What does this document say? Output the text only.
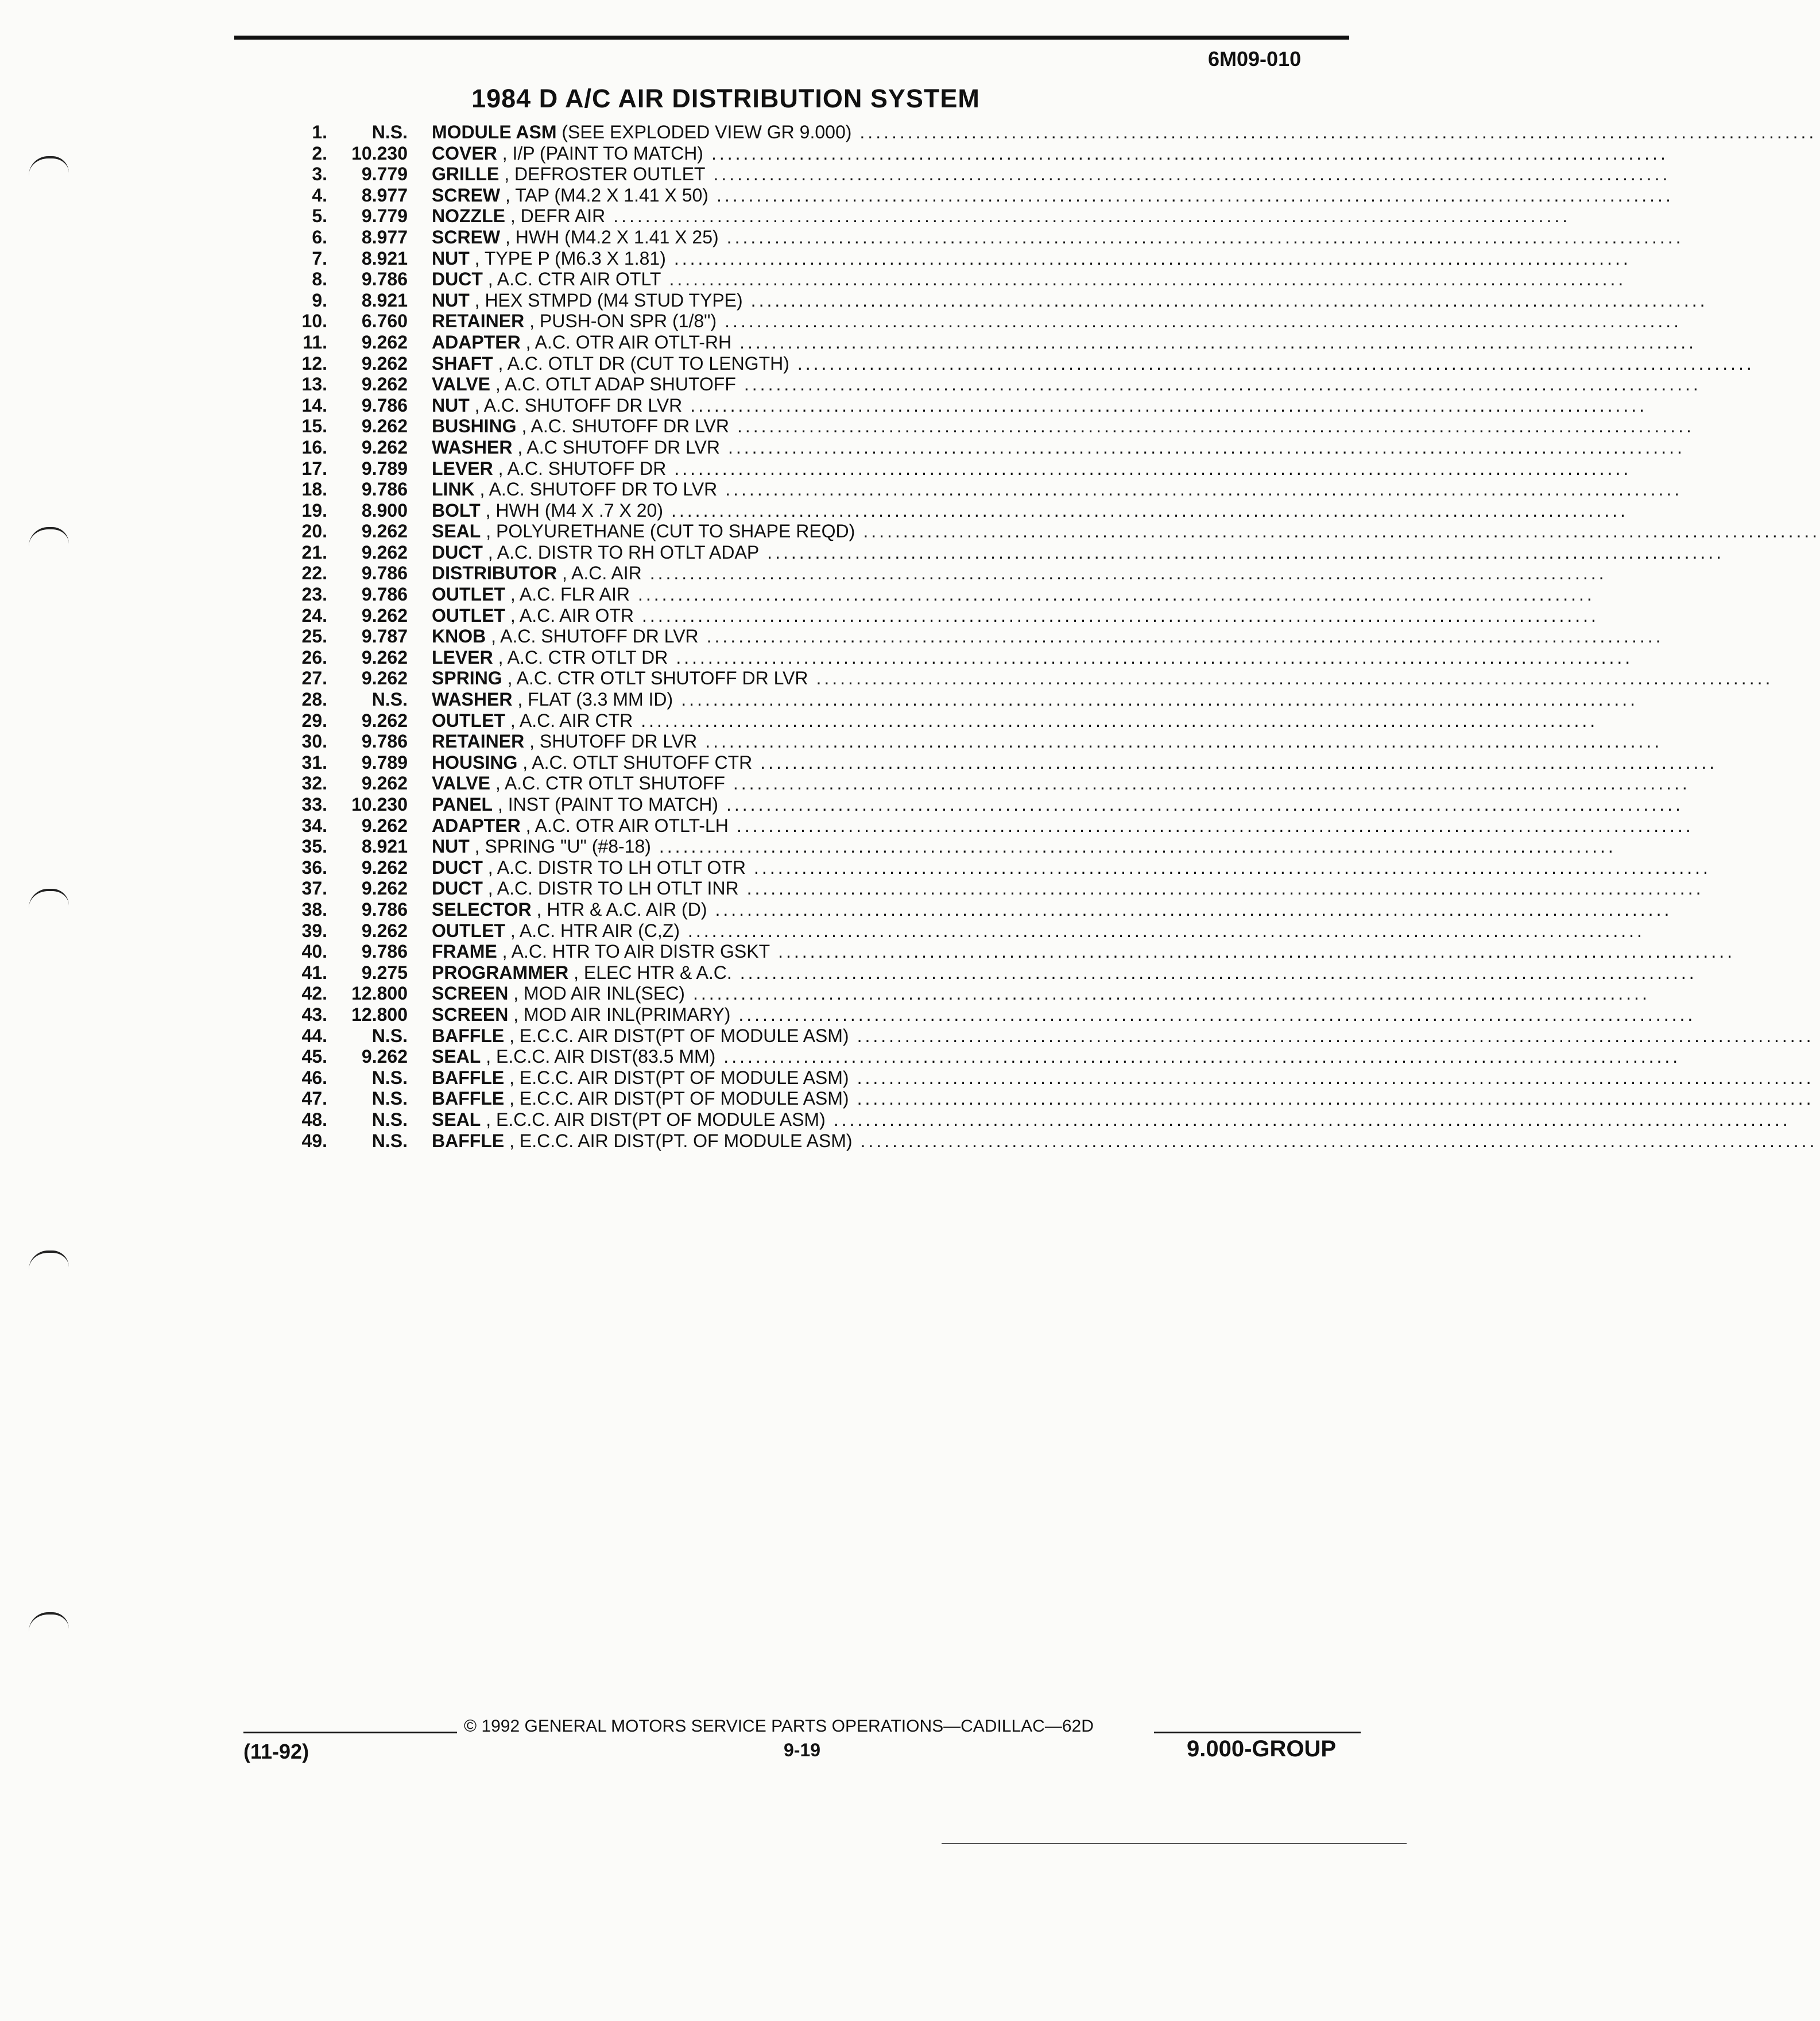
6M09-010
1984 D A/C AIR DISTRIBUTION SYSTEM
1.	N.S. MODULE ASM (SEE EXPLODED VIEW GR 9.000) ........................................................................................................................
2.	10.230 COVER , I/P (PAINT TO MATCH) ........................................................................................................................
3.	9.779 GRILLE , DEFROSTER OUTLET ........................................................................................................................
4.	8.977 SCREW , TAP (M4.2 X 1.41 X 50) ........................................................................................................................
5.	9.779 NOZZLE , DEFR AIR ........................................................................................................................
6.	8.977 SCREW , HWH (M4.2 X 1.41 X 25) ........................................................................................................................
7.	8.921 NUT , TYPE P (M6.3 X 1.81) ........................................................................................................................
8.	9.786 DUCT , A.C. CTR AIR OTLT ........................................................................................................................
9.	8.921 NUT , HEX STMPD (M4 STUD TYPE) ........................................................................................................................
10.	6.760 RETAINER , PUSH-ON SPR (1/8") ........................................................................................................................
11.	9.262 ADAPTER , A.C. OTR AIR OTLT-RH ........................................................................................................................
12.	9.262 SHAFT , A.C. OTLT DR (CUT TO LENGTH) ........................................................................................................................
13.	9.262 VALVE , A.C. OTLT ADAP SHUTOFF ........................................................................................................................
14.	9.786 NUT , A.C. SHUTOFF DR LVR ........................................................................................................................
15.	9.262 BUSHING , A.C. SHUTOFF DR LVR ........................................................................................................................
16.	9.262 WASHER , A.C SHUTOFF DR LVR ........................................................................................................................
17.	9.789 LEVER , A.C. SHUTOFF DR ........................................................................................................................
18.	9.786 LINK , A.C. SHUTOFF DR TO LVR ........................................................................................................................
19.	8.900 BOLT , HWH (M4 X .7 X 20) ........................................................................................................................
20.	9.262 SEAL , POLYURETHANE (CUT TO SHAPE REQD) ........................................................................................................................
21.	9.262 DUCT , A.C. DISTR TO RH OTLT ADAP ........................................................................................................................
22.	9.786 DISTRIBUTOR , A.C. AIR ........................................................................................................................
23.	9.786 OUTLET , A.C. FLR AIR ........................................................................................................................
24.	9.262 OUTLET , A.C. AIR OTR ........................................................................................................................
25.	9.787 KNOB , A.C. SHUTOFF DR LVR ........................................................................................................................
26.	9.262 LEVER , A.C. CTR OTLT DR ........................................................................................................................
27.	9.262 SPRING , A.C. CTR OTLT SHUTOFF DR LVR ........................................................................................................................
28.	N.S. WASHER , FLAT (3.3 MM ID) ........................................................................................................................
29.	9.262 OUTLET , A.C. AIR CTR ........................................................................................................................
30.	9.786 RETAINER , SHUTOFF DR LVR ........................................................................................................................
31.	9.789 HOUSING , A.C. OTLT SHUTOFF CTR ........................................................................................................................
32.	9.262 VALVE , A.C. CTR OTLT SHUTOFF ........................................................................................................................
33.	10.230 PANEL , INST (PAINT TO MATCH) ........................................................................................................................
34.	9.262 ADAPTER , A.C. OTR AIR OTLT-LH ........................................................................................................................
35.	8.921 NUT , SPRING "U" (#8-18) ........................................................................................................................
36.	9.262 DUCT , A.C. DISTR TO LH OTLT OTR ........................................................................................................................
37.	9.262 DUCT , A.C. DISTR TO LH OTLT INR ........................................................................................................................
38.	9.786 SELECTOR , HTR & A.C. AIR (D) ........................................................................................................................
39.	9.262 OUTLET , A.C. HTR AIR (C,Z) ........................................................................................................................
40.	9.786 FRAME , A.C. HTR TO AIR DISTR GSKT ........................................................................................................................
41.	9.275 PROGRAMMER , ELEC HTR & A.C. ........................................................................................................................
42.	12.800 SCREEN , MOD AIR INL(SEC) ........................................................................................................................
43.	12.800 SCREEN , MOD AIR INL(PRIMARY) ........................................................................................................................
44.	N.S. BAFFLE , E.C.C. AIR DIST(PT OF MODULE ASM) ........................................................................................................................
45.	9.262 SEAL , E.C.C. AIR DIST(83.5 MM) ........................................................................................................................
46.	N.S. BAFFLE , E.C.C. AIR DIST(PT OF MODULE ASM) ........................................................................................................................
47.	N.S. BAFFLE , E.C.C. AIR DIST(PT OF MODULE ASM) ........................................................................................................................
48.	N.S. SEAL , E.C.C. AIR DIST(PT OF MODULE ASM) ........................................................................................................................
49.	N.S. BAFFLE , E.C.C. AIR DIST(PT. OF MODULE ASM) ........................................................................................................................
© 1992 GENERAL MOTORS SERVICE PARTS OPERATIONS—CADILLAC—62D
(11-92)	9-19	9.000-GROUP
